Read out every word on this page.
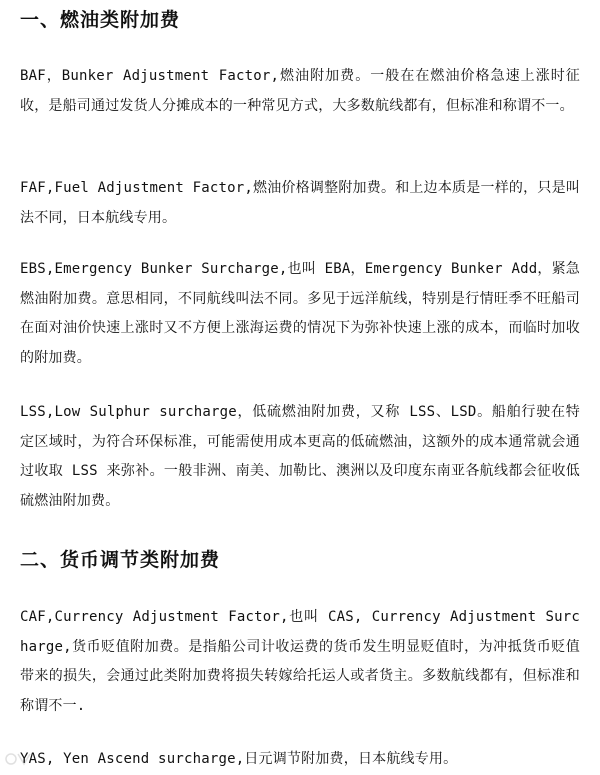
一、燃油类附加费

BAF，Bunker Adjustment Factor,燃油附加费。一般在在燃油价格急速上涨时征收，是船司通过发货人分摊成本的一种常见方式，大多数航线都有，但标准和称谓不一。

FAF,Fuel Adjustment Factor,燃油价格调整附加费。和上边本质是一样的，只是叫法不同，日本航线专用。

EBS,Emergency Bunker Surcharge,也叫 EBA，Emergency Bunker Add，紧急燃油附加费。意思相同，不同航线叫法不同。多见于远洋航线，特别是行情旺季不旺船司在面对油价快速上涨时又不方便上涨海运费的情况下为弥补快速上涨的成本，而临时加收的附加费。

LSS,Low Sulphur surcharge，低硫燃油附加费，又称 LSS、LSD。船舶行驶在特定区域时，为符合环保标准，可能需使用成本更高的低硫燃油，这额外的成本通常就会通过收取 LSS 来弥补。一般非洲、南美、加勒比、澳洲以及印度东南亚各航线都会征收低硫燃油附加费。

二、货币调节类附加费

CAF,Currency Adjustment Factor,也叫 CAS, Currency Adjustment Surcharge,货币贬值附加费。是指船公司计收运费的货币发生明显贬值时，为冲抵货币贬值带来的损失，会通过此类附加费将损失转嫁给托运人或者货主。多数航线都有，但标准和称谓不一.

YAS, Yen Ascend surcharge,日元调节附加费，日本航线专用。
